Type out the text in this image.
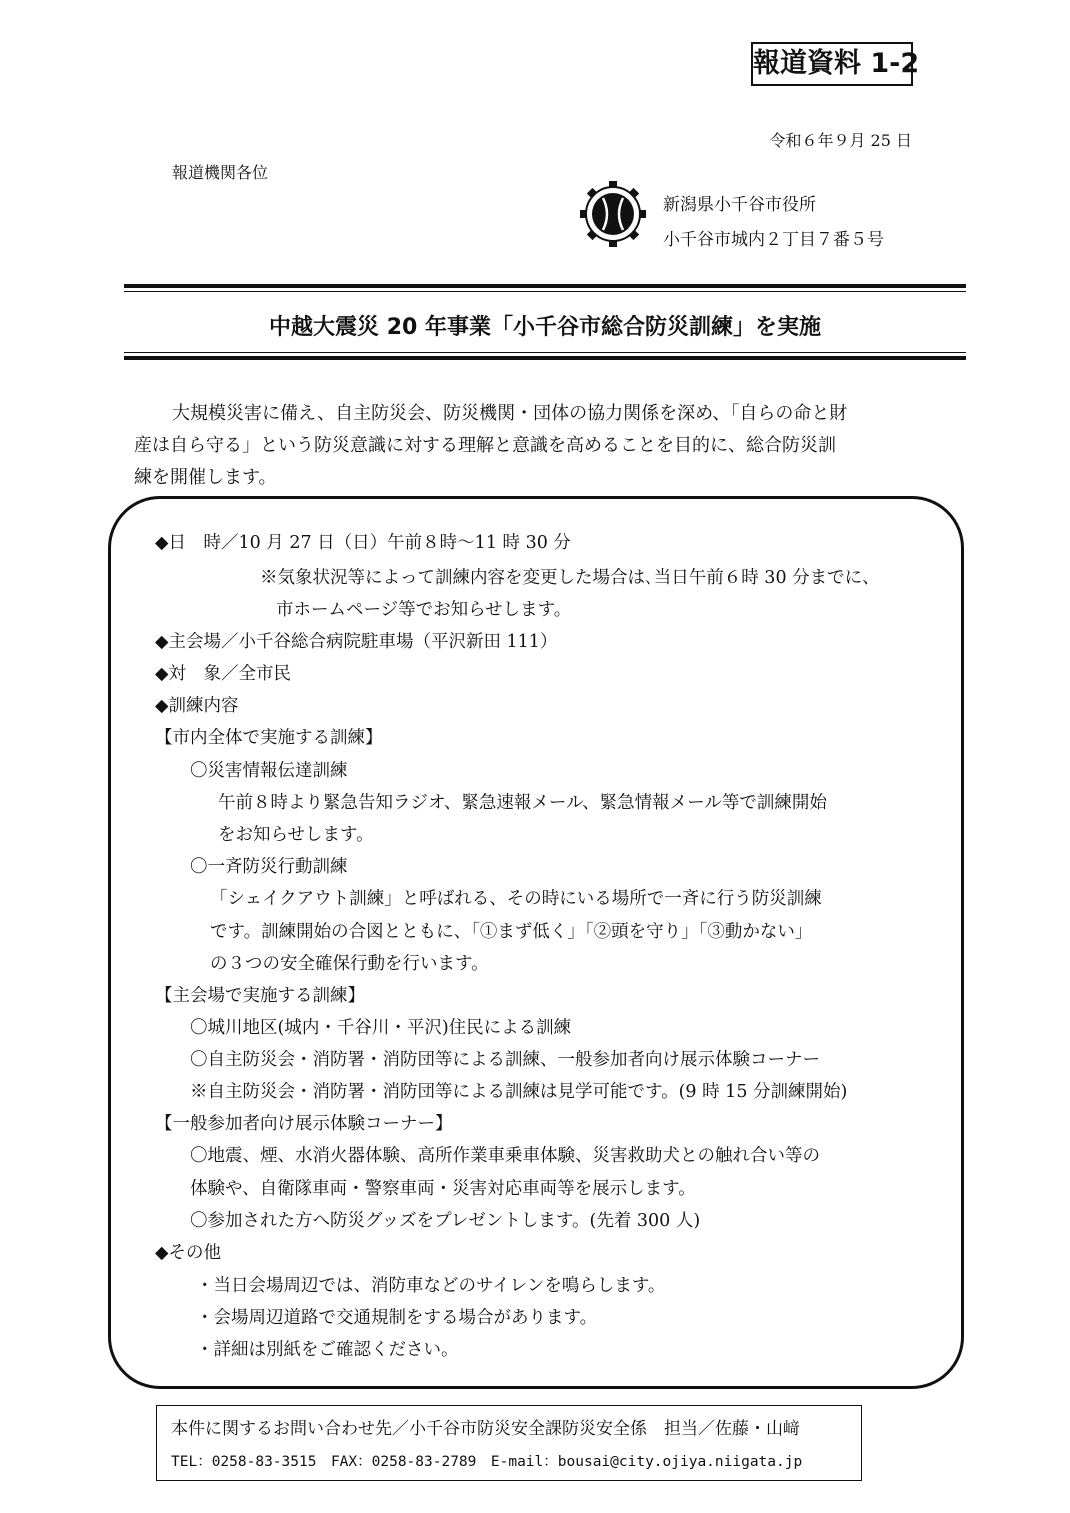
報道資料 1-2
令和６年９月 25 日
報道機関各位
新潟県小千谷市役所
小千谷市城内２丁目７番５号
中越大震災 20 年事業「小千谷市総合防災訓練」を実施

大規模災害に備え、自主防災会、防災機関・団体の協力関係を深め、「自らの命と財

産は自ら守る」という防災意識に対する理解と意識を高めることを目的に、総合防災訓

練を開催します。

◆日　時／10 月 27 日（日）午前８時～11 時 30 分
※気象状況等によって訓練内容を変更した場合は､当日午前６時 30 分までに、
市ホームページ等でお知らせします。
◆主会場／小千谷総合病院駐車場（平沢新田 111）
◆対　象／全市民
◆訓練内容
【市内全体で実施する訓練】
〇災害情報伝達訓練
午前８時より緊急告知ラジオ、緊急速報メール、緊急情報メール等で訓練開始
をお知らせします。
〇一斉防災行動訓練
「シェイクアウト訓練」と呼ばれる、その時にいる場所で一斉に行う防災訓練
です。訓練開始の合図とともに、「①まず低く」「②頭を守り」「③動かない」
の３つの安全確保行動を行います。
【主会場で実施する訓練】
〇城川地区(城内・千谷川・平沢)住民による訓練
〇自主防災会・消防署・消防団等による訓練、一般参加者向け展示体験コーナー
※自主防災会・消防署・消防団等による訓練は見学可能です。(9 時 15 分訓練開始)
【一般参加者向け展示体験コーナー】
〇地震、煙、水消火器体験、高所作業車乗車体験、災害救助犬との触れ合い等の
体験や、自衛隊車両・警察車両・災害対応車両等を展示します。
〇参加された方へ防災グッズをプレゼントします。(先着 300 人)
◆その他
・当日会場周辺では、消防車などのサイレンを鳴らします。
・会場周辺道路で交通規制をする場合があります。
・詳細は別紙をご確認ください。
本件に関するお問い合わせ先／小千谷市防災安全課防災安全係　担当／佐藤・山﨑
TEL：0258-83-3515　FAX：0258-83-2789　E-mail：bousai@city.ojiya.niigata.jp
